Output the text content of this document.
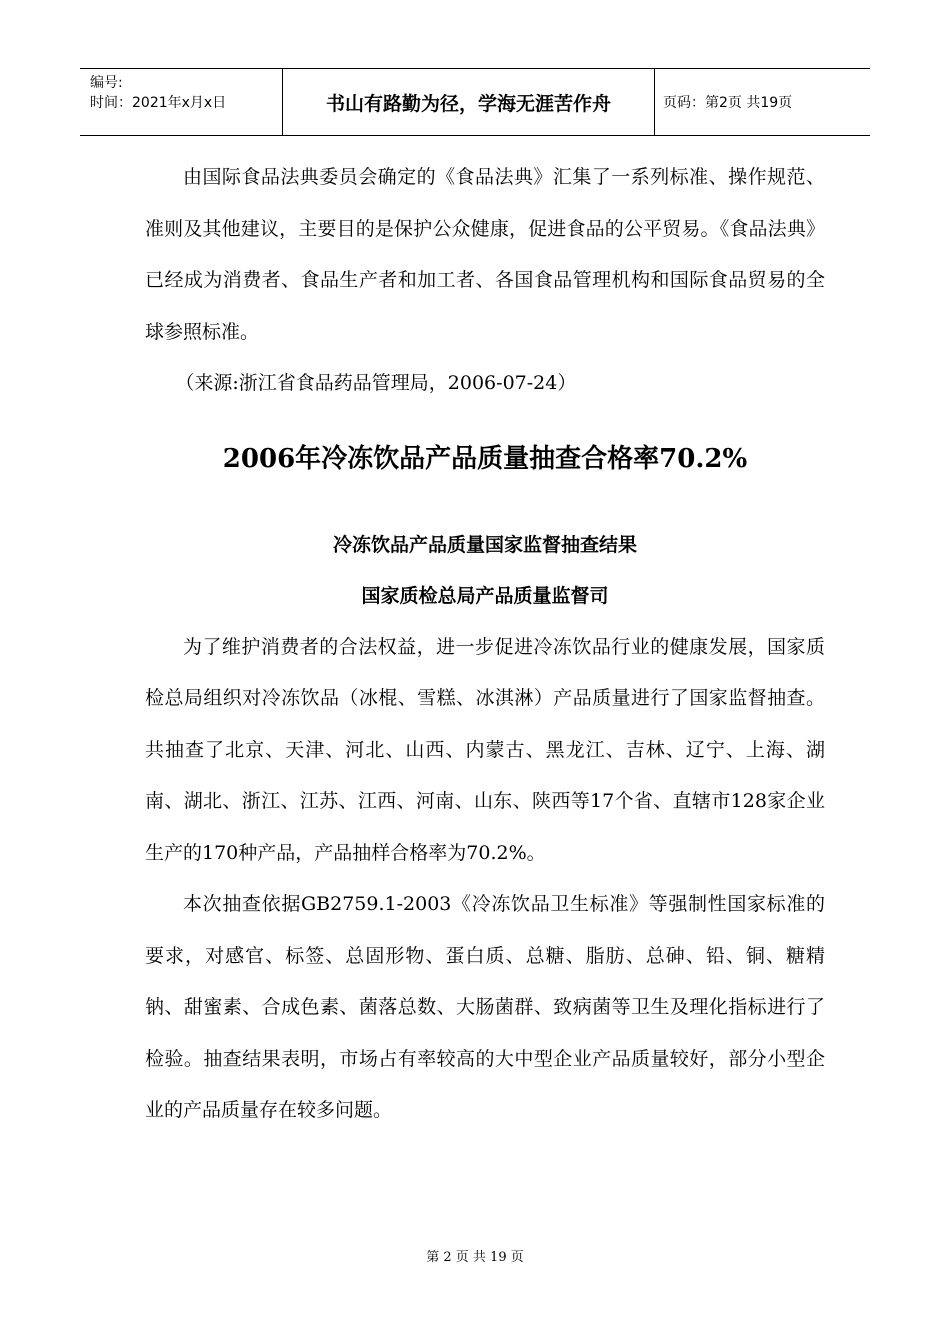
编号:
时间：2021年x月x日	书山有路勤为径，学海无涯苦作舟	页码：第2页 共19页

由国际食品法典委员会确定的《食品法典》汇集了一系列标准、操作规范、准则及其他建议，主要目的是保护公众健康，促进食品的公平贸易。《食品法典》已经成为消费者、食品生产者和加工者、各国食品管理机构和国际食品贸易的全球参照标准。

（来源:浙江省食品药品管理局，2006-07-24）

2006年冷冻饮品产品质量抽查合格率70.2%
冷冻饮品产品质量国家监督抽查结果
国家质检总局产品质量监督司

为了维护消费者的合法权益，进一步促进冷冻饮品行业的健康发展，国家质检总局组织对冷冻饮品（冰棍、雪糕、冰淇淋）产品质量进行了国家监督抽查。共抽查了北京、天津、河北、山西、内蒙古、黑龙江、吉林、辽宁、上海、湖南、湖北、浙江、江苏、江西、河南、山东、陕西等17个省、直辖市128家企业生产的170种产品，产品抽样合格率为70.2%。

本次抽查依据GB2759.1-2003《冷冻饮品卫生标准》等强制性国家标准的要求，对感官、标签、总固形物、蛋白质、总糖、脂肪、总砷、铅、铜、糖精钠、甜蜜素、合成色素、菌落总数、大肠菌群、致病菌等卫生及理化指标进行了检验。抽查结果表明，市场占有率较高的大中型企业产品质量较好，部分小型企业的产品质量存在较多问题。

第 2 页 共 19 页
